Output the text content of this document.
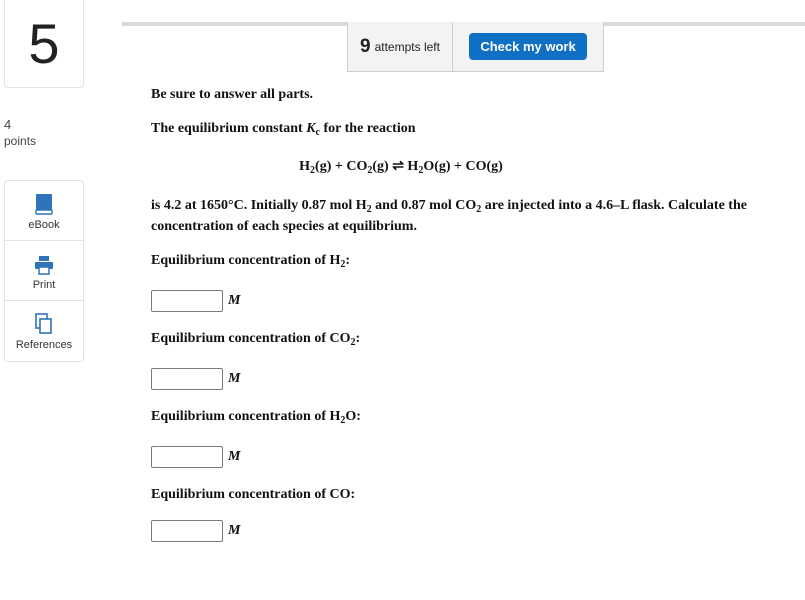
5
4
points
eBook
Print
References
9 attempts left	Check my work
Be sure to answer all parts.
The equilibrium constant $K_c$ for the reaction
$H_2(g) + CO_2(g)$ ⇌ $H_2O(g) + CO(g)$
is 4.2 at 1650°C. Initially 0.87 mol $H_2$ and 0.87 mol $CO_2$ are injected into a 4.6–L flask. Calculate the
concentration of each species at equilibrium.
Equilibrium concentration of $H_2$:
M
Equilibrium concentration of $CO_2$:
M
Equilibrium concentration of $H_2O$:
M
Equilibrium concentration of CO:
M
